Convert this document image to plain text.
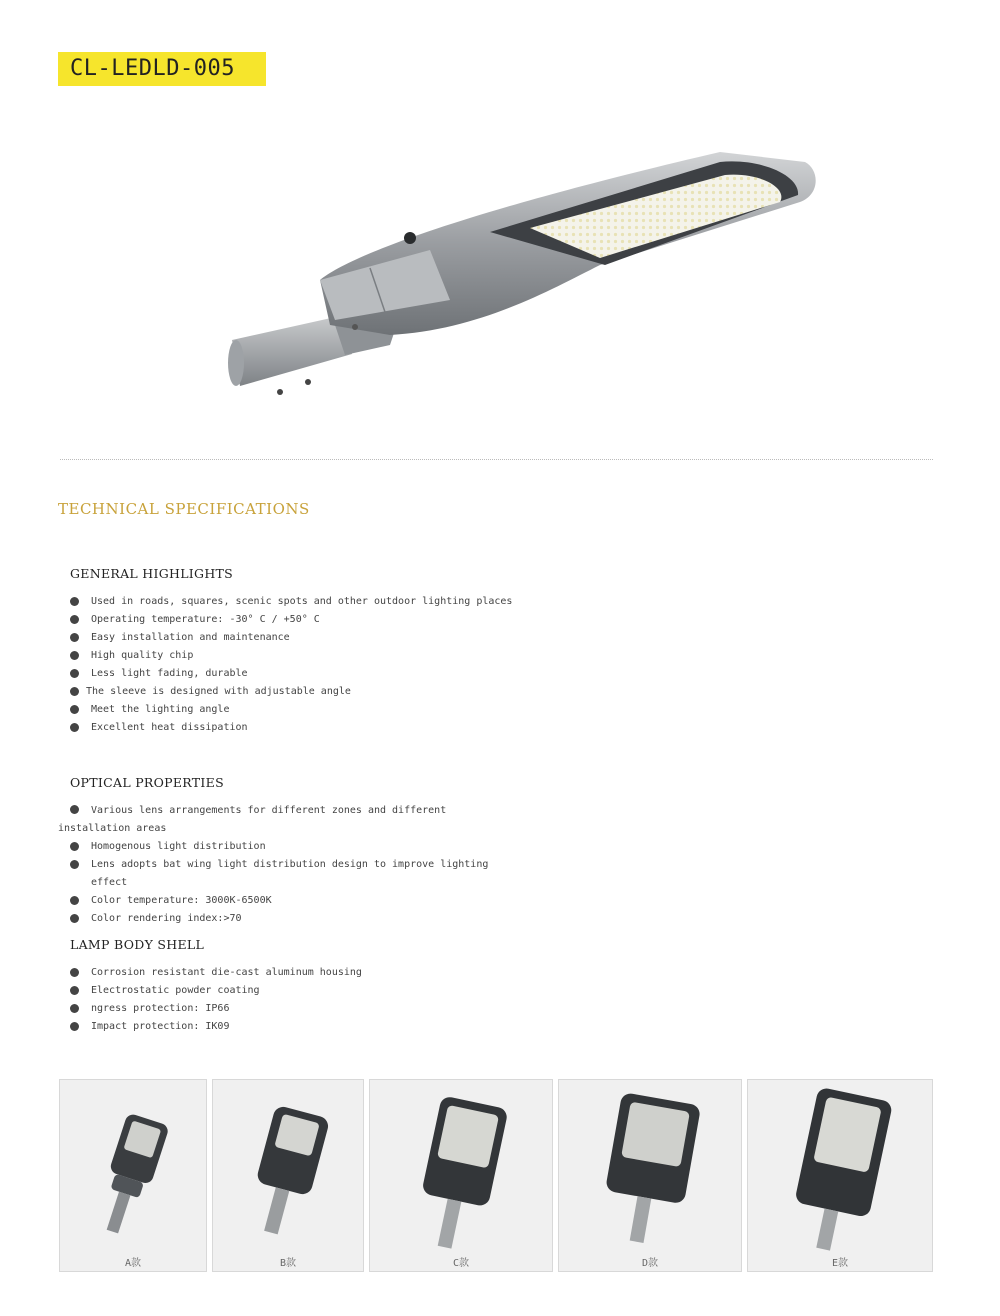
CL-LEDLD-005
TECHNICAL SPECIFICATIONS
GENERAL HIGHLIGHTS
Used in roads, squares, scenic spots and other outdoor lighting places
Operating temperature: -30° C / +50° C
Easy installation and maintenance
High quality chip
Less light fading, durable
The sleeve is designed with adjustable angle
Meet the lighting angle
Excellent heat dissipation
OPTICAL PROPERTIES
Various lens arrangements for different zones and different installation areas
Homogenous light distribution
Lens adopts bat wing light distribution design to improve lighting effect
Color temperature: 3000K-6500K
Color rendering index:>70
LAMP BODY SHELL
Corrosion resistant die-cast aluminum housing
Electrostatic powder coating
ngress protection: IP66
Impact protection: IK09
A款	B款	C款	D款	E款
